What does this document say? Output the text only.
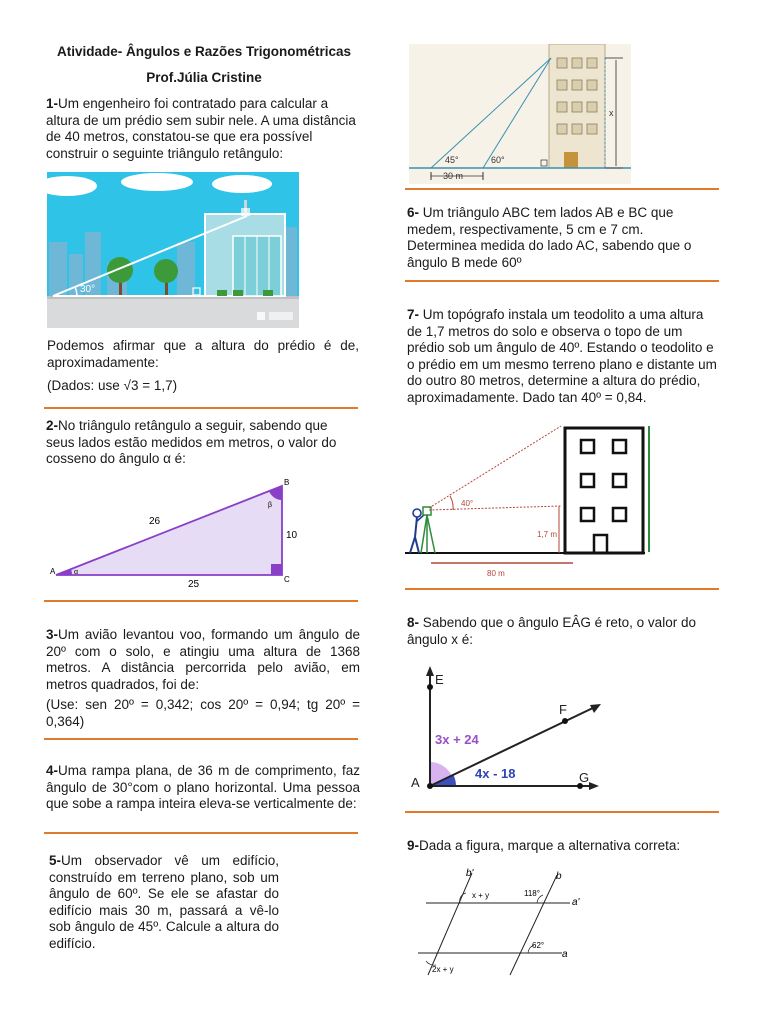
Atividade- Ângulos e Razões Trigonométricas
Prof.Júlia Cristine

1-Um engenheiro foi contratado para calcular a altura de um prédio sem subir nele. A uma distância de 40 metros, constatou-se que era possível construir o seguinte triângulo retângulo:

30°

Podemos afirmar que a altura do prédio é de, aproximadamente:

(Dados: use √3 = 1,7)

2-No triângulo retângulo a seguir, sabendo que seus lados estão medidos em metros, o valor do cosseno do ângulo α é:

A
B
C
26
10
25
α
β

3-Um avião levantou voo, formando um ângulo de 20º com o solo, e atingiu uma altura de 1368 metros. A distância percorrida pelo avião, em metros quadrados, foi de:

(Use: sen 20º = 0,342; cos 20º = 0,94; tg 20º = 0,364)

4-Uma rampa plana, de 36 m de comprimento, faz ângulo de 30°com o plano horizontal. Uma pessoa que sobe a rampa inteira eleva-se verticalmente de:

5-Um observador vê um edifício, construído em terreno plano, sob um ângulo de 60º. Se ele se afastar do edifício mais 30 m, passará a vê-lo sob ângulo de 45º. Calcule a altura do edifício.

x
45°	60°
30 m

6- Um triângulo ABC tem lados AB e BC que medem, respectivamente, 5 cm e 7 cm. Determinea medida do lado AC, sabendo que o ângulo B mede 60º

7- Um topógrafo instala um teodolito a uma altura de 1,7 metros do solo e observa o topo de um prédio sob um ângulo de 40º. Estando o teodolito e o prédio em um mesmo terreno plano e distante um do outro 80 metros, determine a altura do prédio, aproximadamente. Dado tan 40º = 0,84.

40°
1,7 m
80 m

8- Sabendo que o ângulo EÂG é reto, o valor do ângulo x é:

E
F
A	G
3x + 24
4x - 18

9-Dada a figura, marque a alternativa correta:

b'	b
a'
a
x + y	118°
62°
2x + y
